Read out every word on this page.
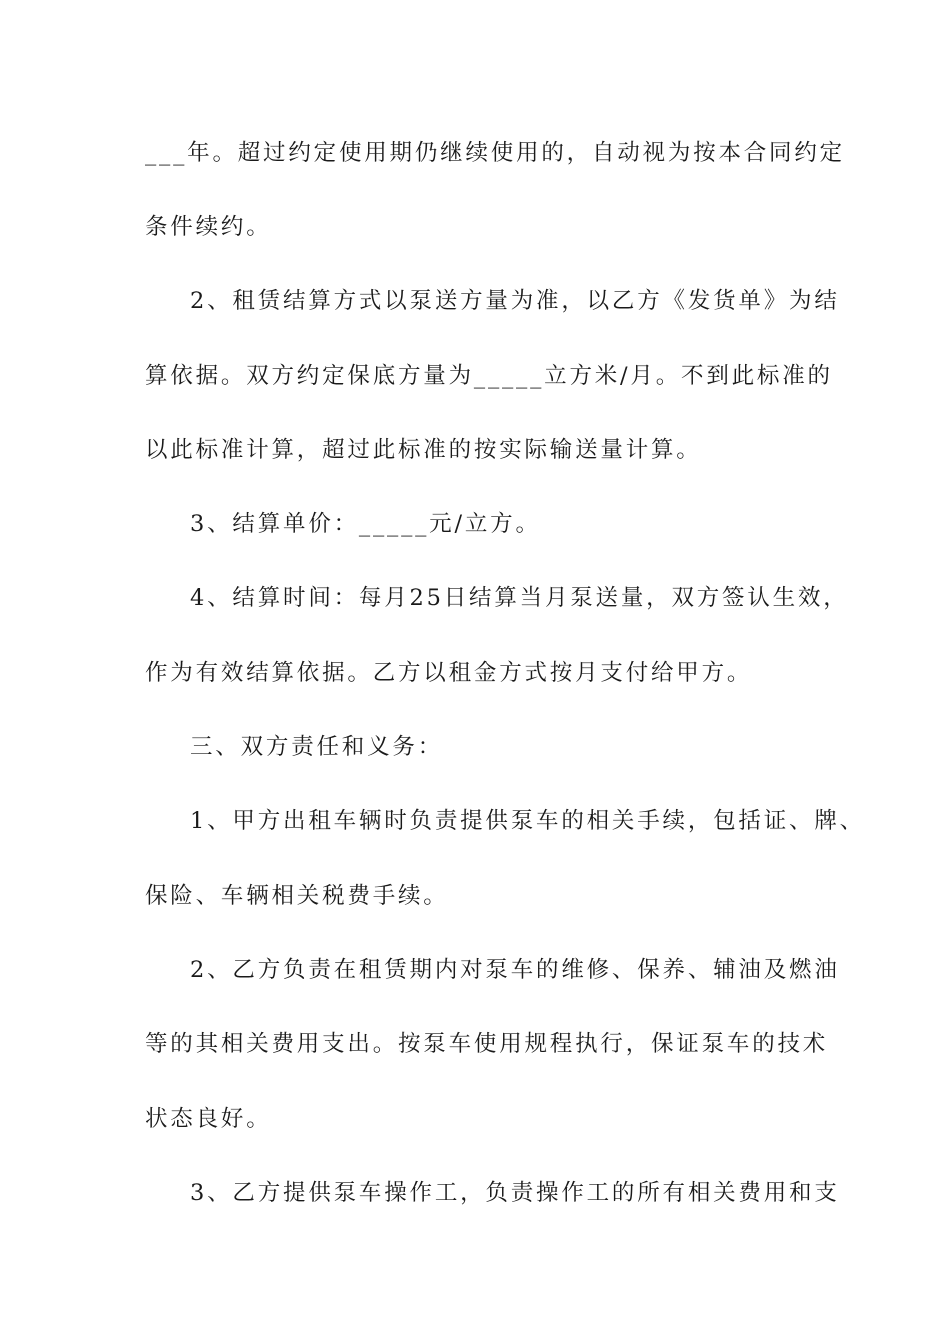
___年。超过约定使用期仍继续使用的，自动视为按本合同约定
条件续约。
2、租赁结算方式以泵送方量为准，以乙方《发货单》为结
算依据。双方约定保底方量为_____立方米/月。不到此标准的
以此标准计算，超过此标准的按实际输送量计算。
3、结算单价：_____元/立方。
4、结算时间：每月25日结算当月泵送量，双方签认生效，
作为有效结算依据。乙方以租金方式按月支付给甲方。
三、双方责任和义务：
1、甲方出租车辆时负责提供泵车的相关手续，包括证、牌、
保险、车辆相关税费手续。
2、乙方负责在租赁期内对泵车的维修、保养、辅油及燃油
等的其相关费用支出。按泵车使用规程执行，保证泵车的技术
状态良好。
3、乙方提供泵车操作工，负责操作工的所有相关费用和支
